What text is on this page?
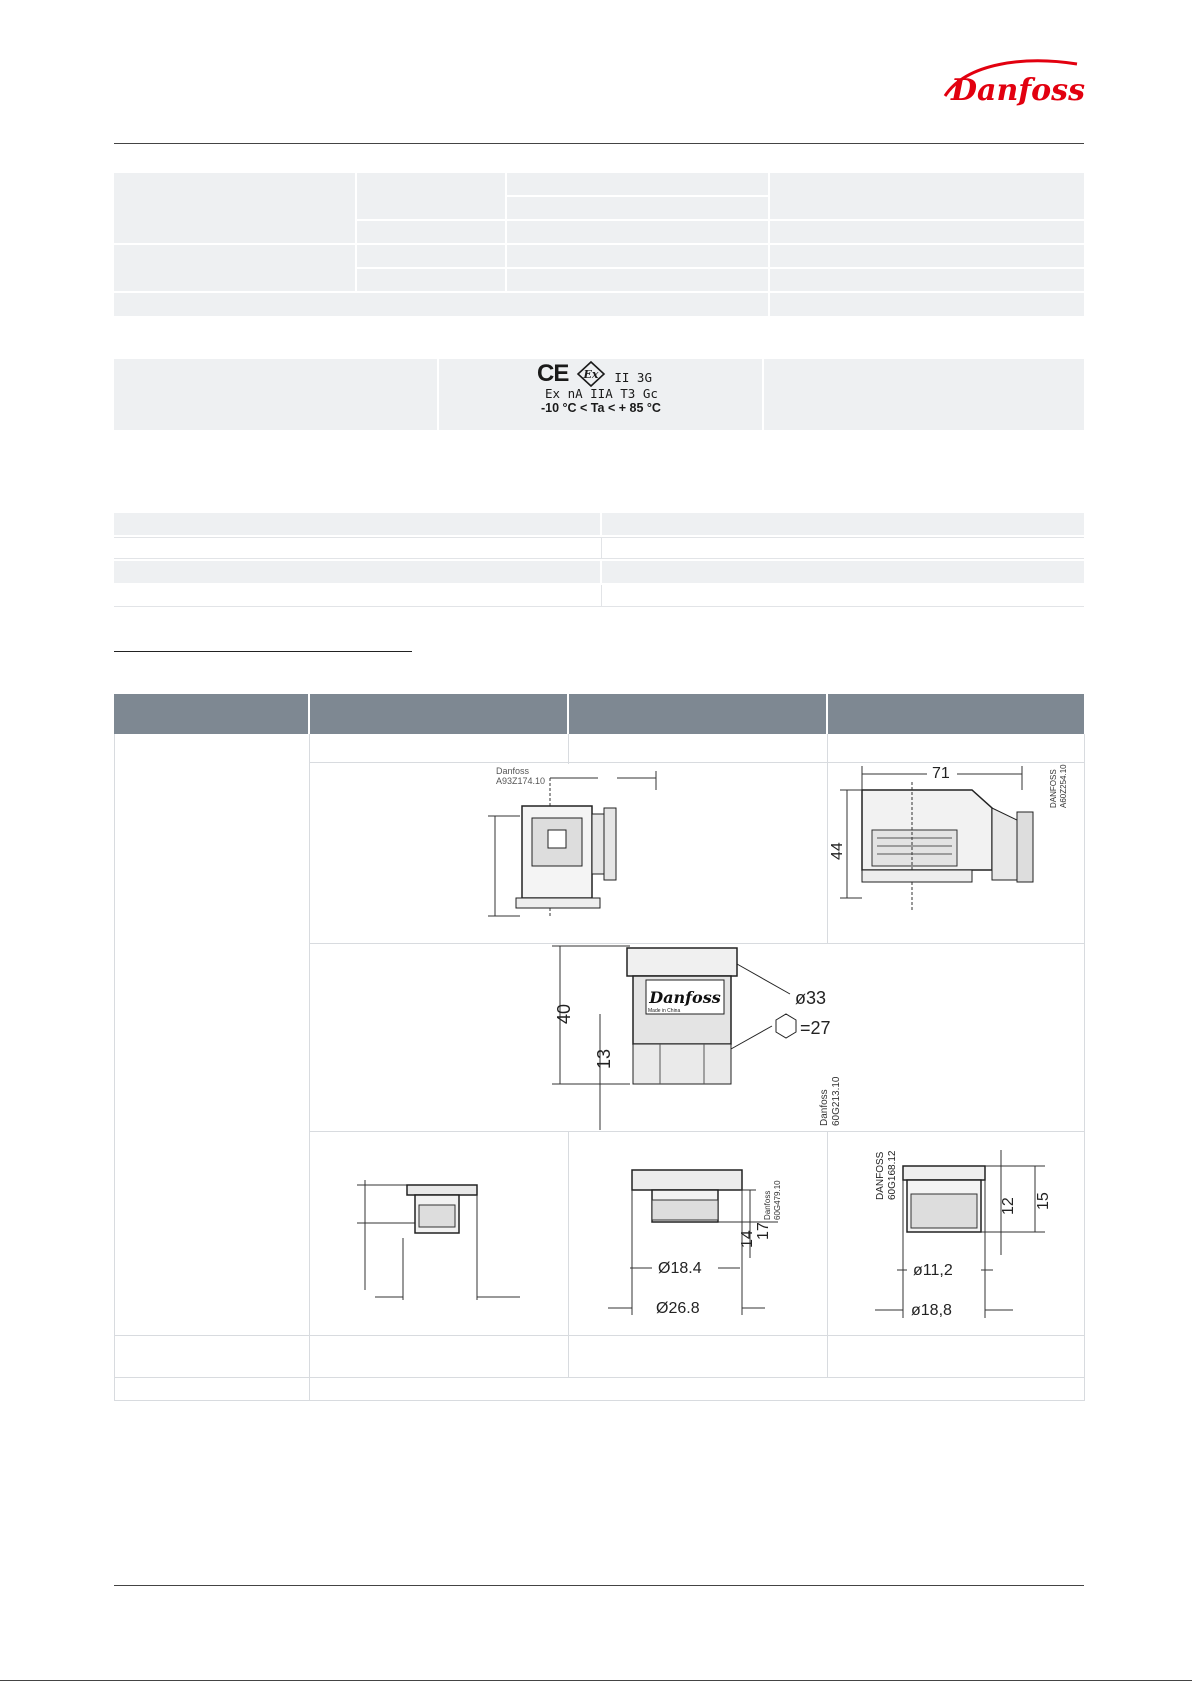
Danfoss
CE Ex II 3G
Ex nA IIA T3 Gc
-10 °C < Ta < + 85 °C
Danfoss
A93Z174.10	71	DANFOSS A60Z254.10
44
40
13
Danfoss
Made in China
ø33
=27
Danfoss 60G213.10
Danfoss 60G479.10
14 17
Ø18.4
Ø26.8
DANFOSS 60G168.12
12 15
ø11,2
ø18,8
